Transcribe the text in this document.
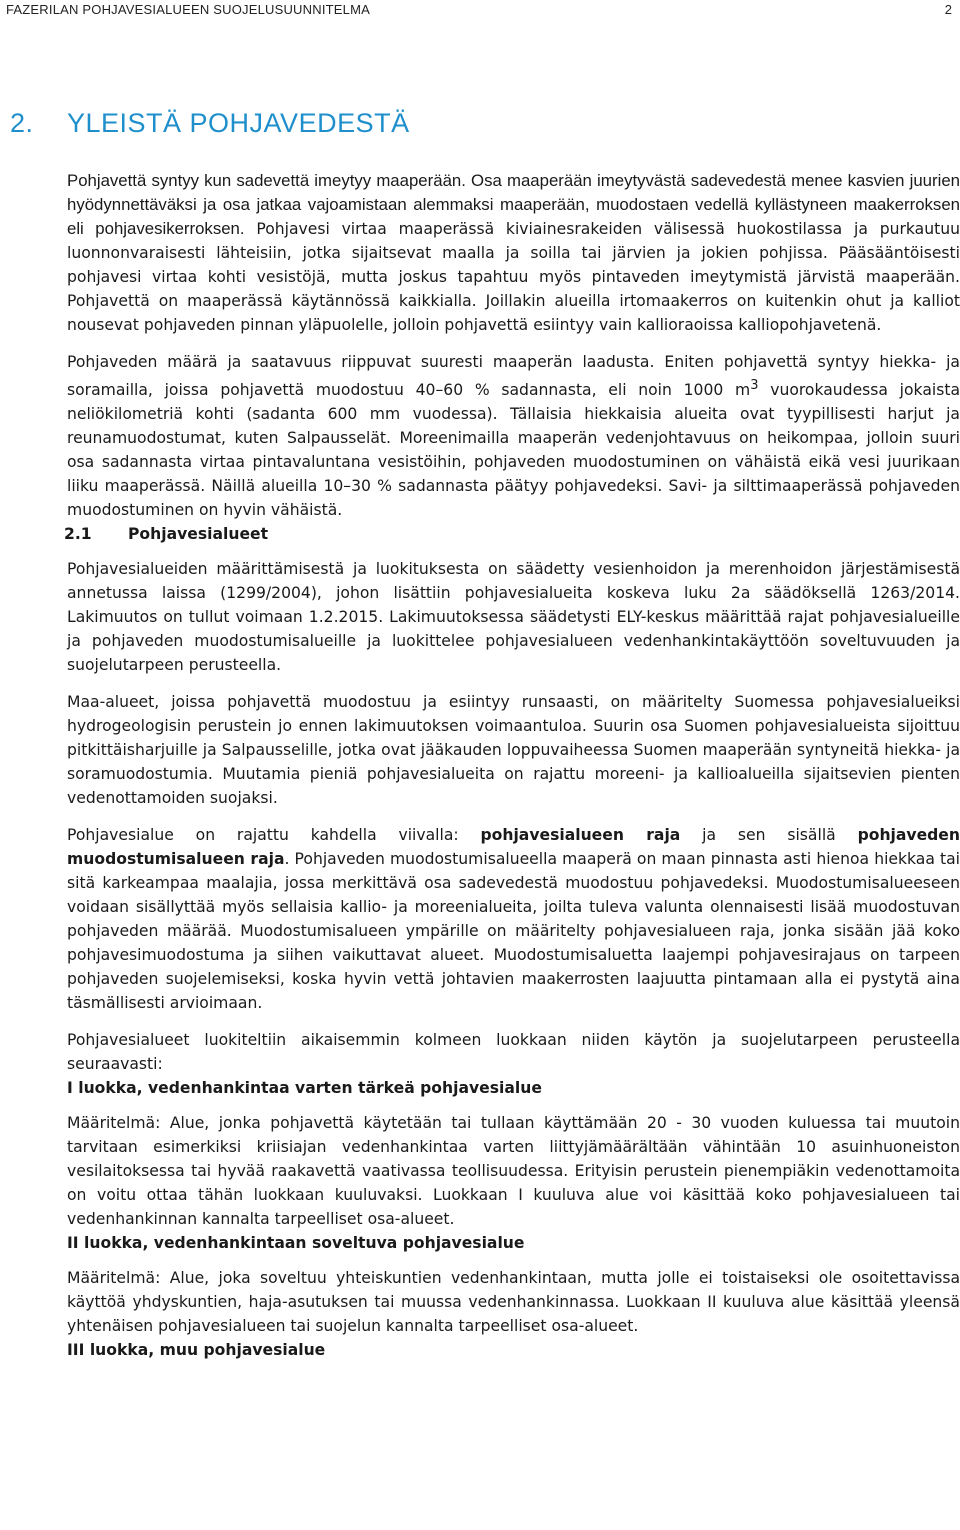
FAZERILAN POHJAVESIALUEEN SUOJELUSUUNNITELMA	2
2. YLEISTÄ POHJAVEDESTÄ

Pohjavettä syntyy kun sadevettä imeytyy maaperään. Osa maaperään imeytyvästä sadevedestä menee kasvien juurien hyödynnettäväksi ja osa jatkaa vajoamistaan alemmaksi maaperään, muodostaen vedellä kyllästyneen maakerroksen eli pohjavesikerroksen. Pohjavesi virtaa maaperässä kiviainesrakeiden välisessä huokostilassa ja purkautuu luonnonvaraisesti lähteisiin, jotka sijaitsevat maalla ja soilla tai järvien ja jokien pohjissa. Pääsääntöisesti pohjavesi virtaa kohti vesistöjä, mutta joskus tapahtuu myös pintaveden imeytymistä järvistä maaperään. Pohjavettä on maaperässä käytännössä kaikkialla. Joillakin alueilla irtomaakerros on kuitenkin ohut ja kalliot nousevat pohjaveden pinnan yläpuolelle, jolloin pohjavettä esiintyy vain kallioraoissa kalliopohjavetenä.

Pohjaveden määrä ja saatavuus riippuvat suuresti maaperän laadusta. Eniten pohjavettä syntyy hiekka- ja soramailla, joissa pohjavettä muodostuu 40–60 % sadannasta, eli noin 1000 $m^3$ vuorokaudessa jokaista neliökilometriä kohti (sadanta 600 mm vuodessa). Tällaisia hiekkaisia alueita ovat tyypillisesti harjut ja reunamuodostumat, kuten Salpausselät. Moreenimailla maaperän vedenjohtavuus on heikompaa, jolloin suuri osa sadannasta virtaa pintavaluntana vesistöihin, pohjaveden muodostuminen on vähäistä eikä vesi juurikaan liiku maaperässä. Näillä alueilla 10–30 % sadannasta päätyy pohjavedeksi. Savi- ja silttimaaperässä pohjaveden muodostuminen on hyvin vähäistä.

2.1 Pohjavesialueet

Pohjavesialueiden määrittämisestä ja luokituksesta on säädetty vesienhoidon ja merenhoidon järjestämisestä annetussa laissa (1299/2004), johon lisättiin pohjavesialueita koskeva luku 2a säädöksellä 1263/2014. Lakimuutos on tullut voimaan 1.2.2015. Lakimuutoksessa säädetysti ELY-keskus määrittää rajat pohjavesialueille ja pohjaveden muodostumisalueille ja luokittelee pohjavesialueen vedenhankintakäyttöön soveltuvuuden ja suojelutarpeen perusteella.

Maa-alueet, joissa pohjavettä muodostuu ja esiintyy runsaasti, on määritelty Suomessa pohjavesialueiksi hydrogeologisin perustein jo ennen lakimuutoksen voimaantuloa. Suurin osa Suomen pohjavesialueista sijoittuu pitkittäisharjuille ja Salpausselille, jotka ovat jääkauden loppuvaiheessa Suomen maaperään syntyneitä hiekka- ja soramuodostumia. Muutamia pieniä pohjavesialueita on rajattu moreeni- ja kallioalueilla sijaitsevien pienten vedenottamoiden suojaksi.

Pohjavesialue on rajattu kahdella viivalla: pohjavesialueen raja ja sen sisällä pohjaveden muodostumisalueen raja. Pohjaveden muodostumisalueella maaperä on maan pinnasta asti hienoa hiekkaa tai sitä karkeampaa maalajia, jossa merkittävä osa sadevedestä muodostuu pohjavedeksi. Muodostumisalueeseen voidaan sisällyttää myös sellaisia kallio- ja moreenialueita, joilta tuleva valunta olennaisesti lisää muodostuvan pohjaveden määrää. Muodostumisalueen ympärille on määritelty pohjavesialueen raja, jonka sisään jää koko pohjavesimuodostuma ja siihen vaikuttavat alueet. Muodostumisaluetta laajempi pohjavesirajaus on tarpeen pohjaveden suojelemiseksi, koska hyvin vettä johtavien maakerrosten laajuutta pintamaan alla ei pystytä aina täsmällisesti arvioimaan.

Pohjavesialueet luokiteltiin aikaisemmin kolmeen luokkaan niiden käytön ja suojelutarpeen perusteella seuraavasti:

I luokka, vedenhankintaa varten tärkeä pohjavesialue

Määritelmä: Alue, jonka pohjavettä käytetään tai tullaan käyttämään 20 - 30 vuoden kuluessa tai muutoin tarvitaan esimerkiksi kriisiajan vedenhankintaa varten liittyjämäärältään vähintään 10 asuinhuoneiston vesilaitoksessa tai hyvää raakavettä vaativassa teollisuudessa. Erityisin perustein pienempiäkin vedenottamoita on voitu ottaa tähän luokkaan kuuluvaksi. Luokkaan I kuuluva alue voi käsittää koko pohjavesialueen tai vedenhankinnan kannalta tarpeelliset osa-alueet.

II luokka, vedenhankintaan soveltuva pohjavesialue

Määritelmä: Alue, joka soveltuu yhteiskuntien vedenhankintaan, mutta jolle ei toistaiseksi ole osoitettavissa käyttöä yhdyskuntien, haja-asutuksen tai muussa vedenhankinnassa. Luokkaan II kuuluva alue käsittää yleensä yhtenäisen pohjavesialueen tai suojelun kannalta tarpeelliset osa-alueet.

III luokka, muu pohjavesialue
